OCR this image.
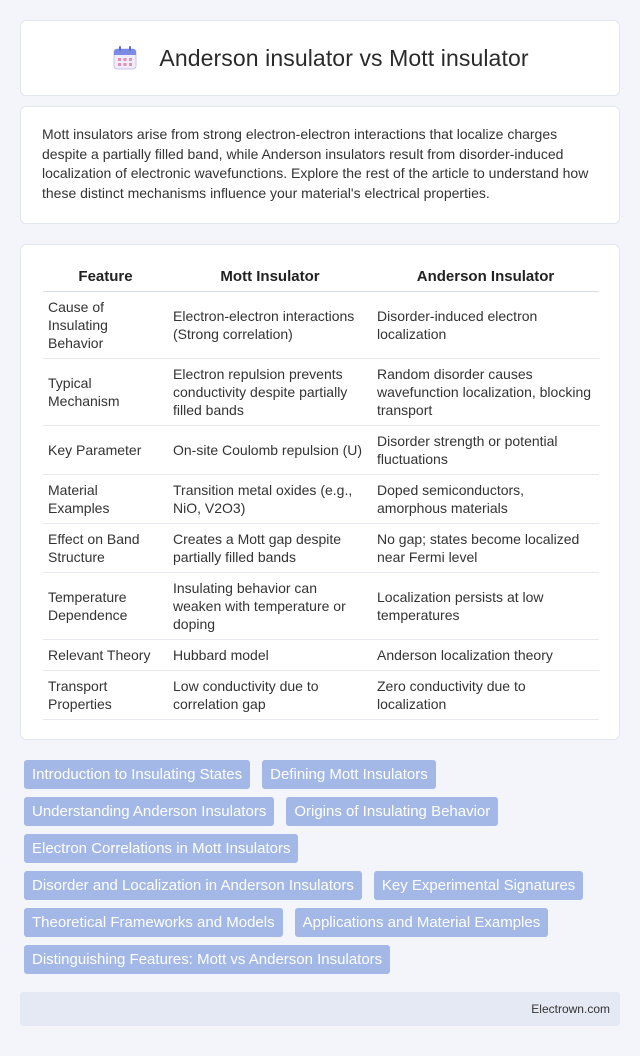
Anderson insulator vs Mott insulator

Mott insulators arise from strong electron-electron interactions that localize charges despite a partially filled band, while Anderson insulators result from disorder-induced localization of electronic wavefunctions. Explore the rest of the article to understand how these distinct mechanisms influence your material's electrical properties.

Feature	Mott Insulator	Anderson Insulator
Cause of Insulating Behavior	Electron-electron interactions (Strong correlation)	Disorder-induced electron localization
Typical Mechanism	Electron repulsion prevents conductivity despite partially filled bands	Random disorder causes wavefunction localization, blocking transport
Key Parameter	On-site Coulomb repulsion (U)	Disorder strength or potential fluctuations
Material Examples	Transition metal oxides (e.g., NiO, V2O3)	Doped semiconductors, amorphous materials
Effect on Band Structure	Creates a Mott gap despite partially filled bands	No gap; states become localized near Fermi level
Temperature Dependence	Insulating behavior can weaken with temperature or doping	Localization persists at low temperatures
Relevant Theory	Hubbard model	Anderson localization theory
Transport Properties	Low conductivity due to correlation gap	Zero conductivity due to localization
Introduction to Insulating States	Defining Mott Insulators
Understanding Anderson Insulators	Origins of Insulating Behavior
Electron Correlations in Mott Insulators
Disorder and Localization in Anderson Insulators	Key Experimental Signatures
Theoretical Frameworks and Models	Applications and Material Examples
Distinguishing Features: Mott vs Anderson Insulators
Electrown.com
